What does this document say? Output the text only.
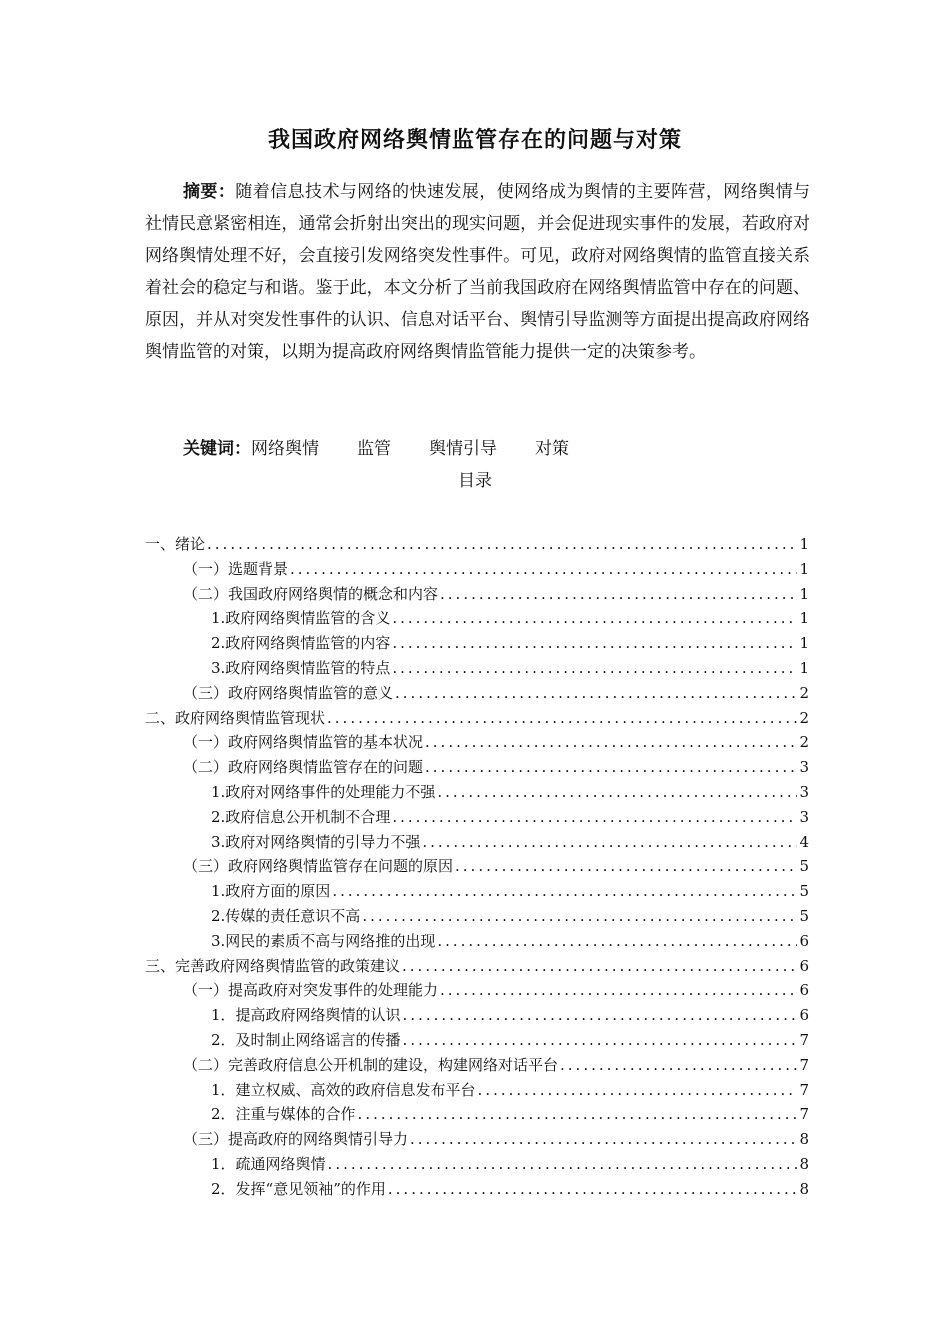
我国政府网络舆情监管存在的问题与对策
摘要：随着信息技术与网络的快速发展，使网络成为舆情的主要阵营，网络舆情与社情民意紧密相连，通常会折射出突出的现实问题，并会促进现实事件的发展，若政府对网络舆情处理不好，会直接引发网络突发性事件。可见，政府对网络舆情的监管直接关系着社会的稳定与和谐。鉴于此，本文分析了当前我国政府在网络舆情监管中存在的问题、原因，并从对突发性事件的认识、信息对话平台、舆情引导监测等方面提出提高政府网络舆情监管的对策，以期为提高政府网络舆情监管能力提供一定的决策参考。
关键词：网络舆情 监管 舆情引导 对策
目录
一、绪论 .....	1
（一）选题背景 .....	1
（二）我国政府网络舆情的概念和内容 .....	1
1.政府网络舆情监管的含义 .....	1
2.政府网络舆情监管的内容 .....	1
3.政府网络舆情监管的特点 .....	1
（三）政府网络舆情监管的意义 .....	2
二、政府网络舆情监管现状 .....	2
（一）政府网络舆情监管的基本状况 .....	2
（二）政府网络舆情监管存在的问题 .....	3
1.政府对网络事件的处理能力不强 .....	3
2.政府信息公开机制不合理 .....	3
3.政府对网络舆情的引导力不强 .....	4
（三）政府网络舆情监管存在问题的原因 .....	5
1.政府方面的原因 .....	5
2.传媒的责任意识不高 .....	5
3.网民的素质不高与网络推的出现 .....	6
三、完善政府网络舆情监管的政策建议 .....	6
（一）提高政府对突发事件的处理能力 .....	6
1．提高政府网络舆情的认识 .....	6
2．及时制止网络谣言的传播 .....	7
（二）完善政府信息公开机制的建设，构建网络对话平台 .....	7
1．建立权威、高效的政府信息发布平台 .....	7
2．注重与媒体的合作 .....	7
（三）提高政府的网络舆情引导力 .....	8
1．疏通网络舆情 .....	8
2．发挥“意见领袖”的作用 .....	8
